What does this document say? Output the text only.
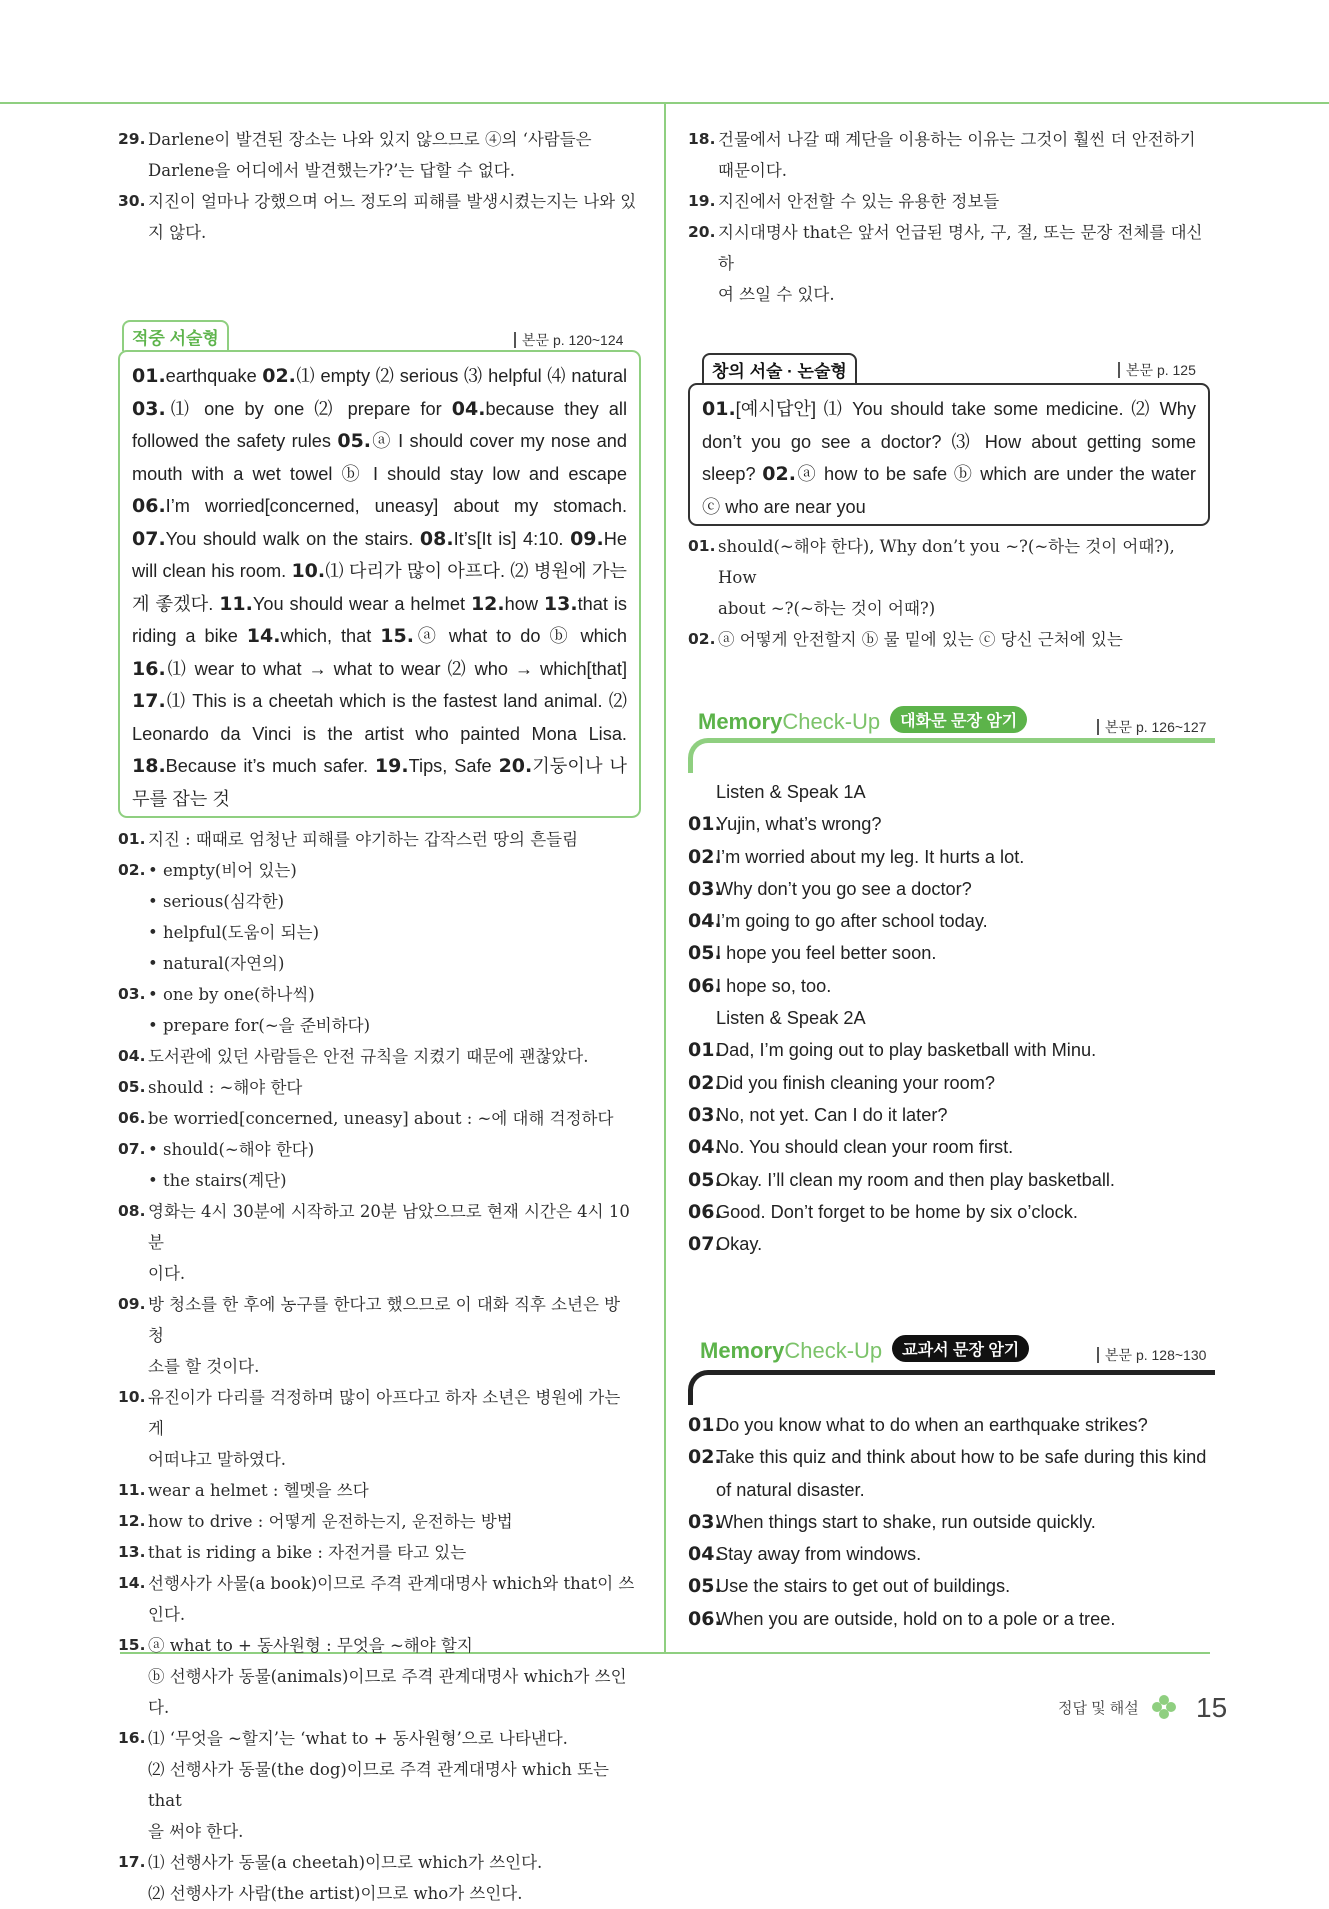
29. Darlene이 발견된 장소는 나와 있지 않으므로 ④의 ‘사람들은
Darlene을 어디에서 발견했는가?’는 답할 수 없다.
30. 지진이 얼마나 강했으며 어느 정도의 피해를 발생시켰는지는 나와 있
지 않다.
18. 건물에서 나갈 때 계단을 이용하는 이유는 그것이 훨씬 더 안전하기
때문이다.
19. 지진에서 안전할 수 있는 유용한 정보들
20. 지시대명사 that은 앞서 언급된 명사, 구, 절, 또는 문장 전체를 대신하
여 쓰일 수 있다.
적중 서술형	본문 p. 120~124
01.earthquake 02.⑴ empty ⑵ serious ⑶ helpful ⑷ natural 03.⑴ one by one ⑵ prepare for 04.because they all followed the safety rules 05.ⓐ I should cover my nose and mouth with a wet towel ⓑ I should stay low and escape 06.I’m worried[concerned, uneasy] about my stomach. 07.You should walk on the stairs. 08.It’s[It is] 4:10. 09.He will clean his room. 10.⑴ 다리가 많이 아프다. ⑵ 병원에 가는 게 좋겠다. 11.You should wear a helmet 12.how 13.that is riding a bike 14.which, that 15.ⓐ what to do ⓑ which 16.⑴ wear to what → what to wear ⑵ who → which[that] 17.⑴ This is a cheetah which is the fastest land animal. ⑵ Leonardo da Vinci is the artist who painted Mona Lisa. 18.Because it’s much safer. 19.Tips, Safe 20.기둥이나 나무를 잡는 것
01. 지진 : 때때로 엄청난 피해를 야기하는 갑작스런 땅의 흔들림
02. • empty(비어 있는)• serious(심각한)
• helpful(도움이 되는)• natural(자연의)
03. • one by one(하나씩)• prepare for(~을 준비하다)
04. 도서관에 있던 사람들은 안전 규칙을 지켰기 때문에 괜찮았다.
05. should : ~해야 한다
06. be worried[concerned, uneasy] about : ~에 대해 걱정하다
07. • should(~해야 한다)• the stairs(계단)
08. 영화는 4시 30분에 시작하고 20분 남았으므로 현재 시간은 4시 10분
이다.
09. 방 청소를 한 후에 농구를 한다고 했으므로 이 대화 직후 소년은 방 청
소를 할 것이다.
10. 유진이가 다리를 걱정하며 많이 아프다고 하자 소년은 병원에 가는 게
어떠냐고 말하였다.
11. wear a helmet : 헬멧을 쓰다
12. how to drive : 어떻게 운전하는지, 운전하는 방법
13. that is riding a bike : 자전거를 타고 있는
14. 선행사가 사물(a book)이므로 주격 관계대명사 which와 that이 쓰
인다.
15. ⓐ what to + 동사원형 : 무엇을 ~해야 할지
ⓑ 선행사가 동물(animals)이므로 주격 관계대명사 which가 쓰인다.
16. ⑴ ‘무엇을 ~할지’는 ‘what to + 동사원형’으로 나타낸다.
⑵ 선행사가 동물(the dog)이므로 주격 관계대명사 which 또는 that
을 써야 한다.
17. ⑴ 선행사가 동물(a cheetah)이므로 which가 쓰인다.
⑵ 선행사가 사람(the artist)이므로 who가 쓰인다.
창의 서술 · 논술형	본문 p. 125
01.[예시답안] ⑴ You should take some medicine. ⑵ Why don’t you go see a doctor? ⑶ How about getting some sleep? 02.ⓐ how to be safe ⓑ which are under the water ⓒ who are near you
01. should(~해야 한다), Why don’t you ~?(~하는 것이 어때?), How
about ~?(~하는 것이 어때?)
02. ⓐ 어떻게 안전할지 ⓑ 물 밑에 있는 ⓒ 당신 근처에 있는
MemoryCheck-Up 대화문 문장 암기	본문 p. 126~127
Listen & Speak 1A
01.
Yujin, what’s wrong?
02.
I’m worried about my leg. It hurts a lot.
03.
Why don’t you go see a doctor?
04.
I’m going to go after school today.
05.
I hope you feel better soon.
06.
I hope so, too.
Listen & Speak 2A
01.
Dad, I’m going out to play basketball with Minu.
02.
Did you finish cleaning your room?
03.
No, not yet. Can I do it later?
04.
No. You should clean your room first.
05.
Okay. I’ll clean my room and then play basketball.
06.
Good. Don’t forget to be home by six o’clock.
07.
Okay.
MemoryCheck-Up 교과서 문장 암기	본문 p. 128~130
01.
Do you know what to do when an earthquake strikes?
02.
Take this quiz and think about how to be safe during this kind
of natural disaster.
03.
When things start to shake, run outside quickly.
04.
Stay away from windows.
05.
Use the stairs to get out of buildings.
06.
When you are outside, hold on to a pole or a tree.
정답 및 해설 15
